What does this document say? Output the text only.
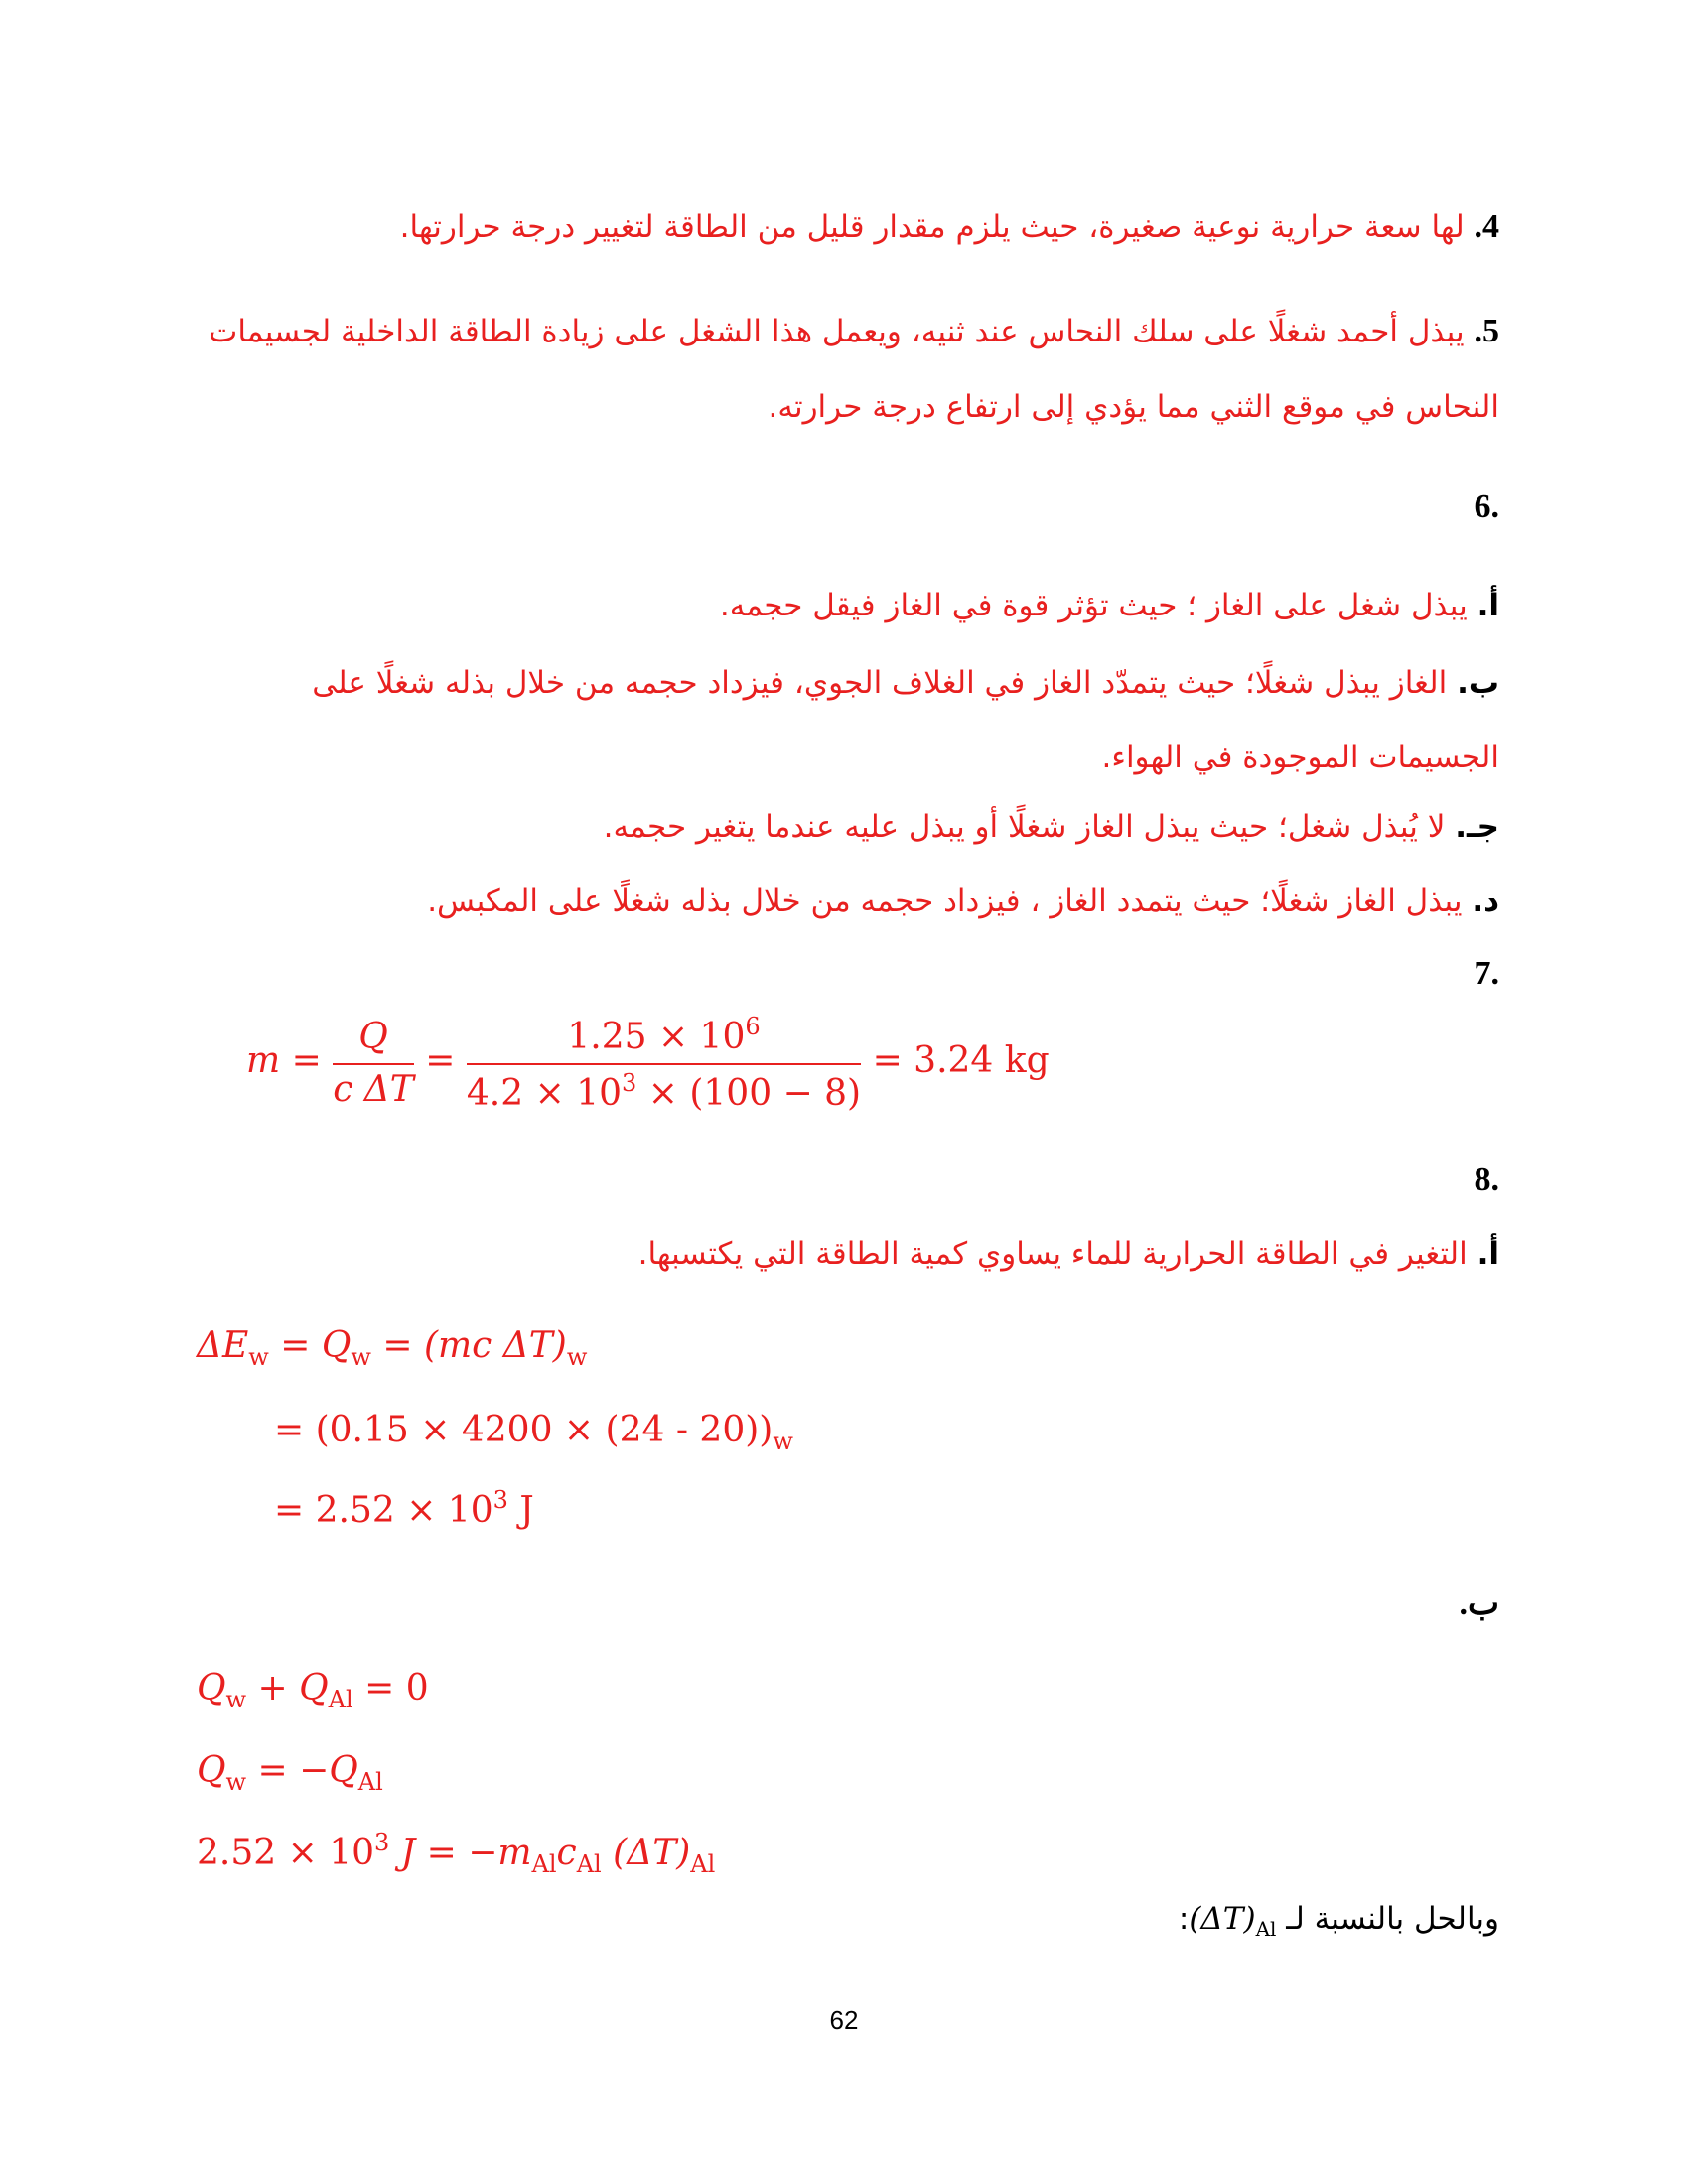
4. لها سعة حرارية نوعية صغيرة، حيث يلزم مقدار قليل من الطاقة لتغيير درجة حرارتها.
5. يبذل أحمد شغلًا على سلك النحاس عند ثنيه، ويعمل هذا الشغل على زيادة الطاقة الداخلية لجسيمات
النحاس في موقع الثني مما يؤدي إلى ارتفاع درجة حرارته.
.6
أ. يبذل شغل على الغاز ؛ حيث تؤثر قوة في الغاز فيقل حجمه.
ب. الغاز يبذل شغلًا؛ حيث يتمدّد الغاز في الغلاف الجوي، فيزداد حجمه من خلال بذله شغلًا على
الجسيمات الموجودة في الهواء.
جـ. لا يُبذل شغل؛ حيث يبذل الغاز شغلًا أو يبذل عليه عندما يتغير حجمه.
د. يبذل الغاز شغلًا؛ حيث يتمدد الغاز ، فيزداد حجمه من خلال بذله شغلًا على المكبس.
.7
$m = \frac{Q}{\text{c ΔT}} = \frac{1.25 \times 10^6}{4.2 \times 10^3 \times (100 - 8)} = 3.24$ kg
.8
أ. التغير في الطاقة الحرارية للماء يساوي كمية الطاقة التي يكتسبها.
$\Delta E_w = Q_w = (mc$ $\Delta T)_w$
= $(0.15 \times 4200 \times (24 - 20))_w$
= $2.52 \times 10^3$ J
ب.
$Q_w + Q_{Al} = 0$
$Q_w = -Q_{Al}$
$2.52 \times 10^3$ $J = -m_{Al}c_{Al}$ $(\Delta T)_{Al}$
وبالحل بالنسبة لـ $(\Delta T)_{Al}$:
62
